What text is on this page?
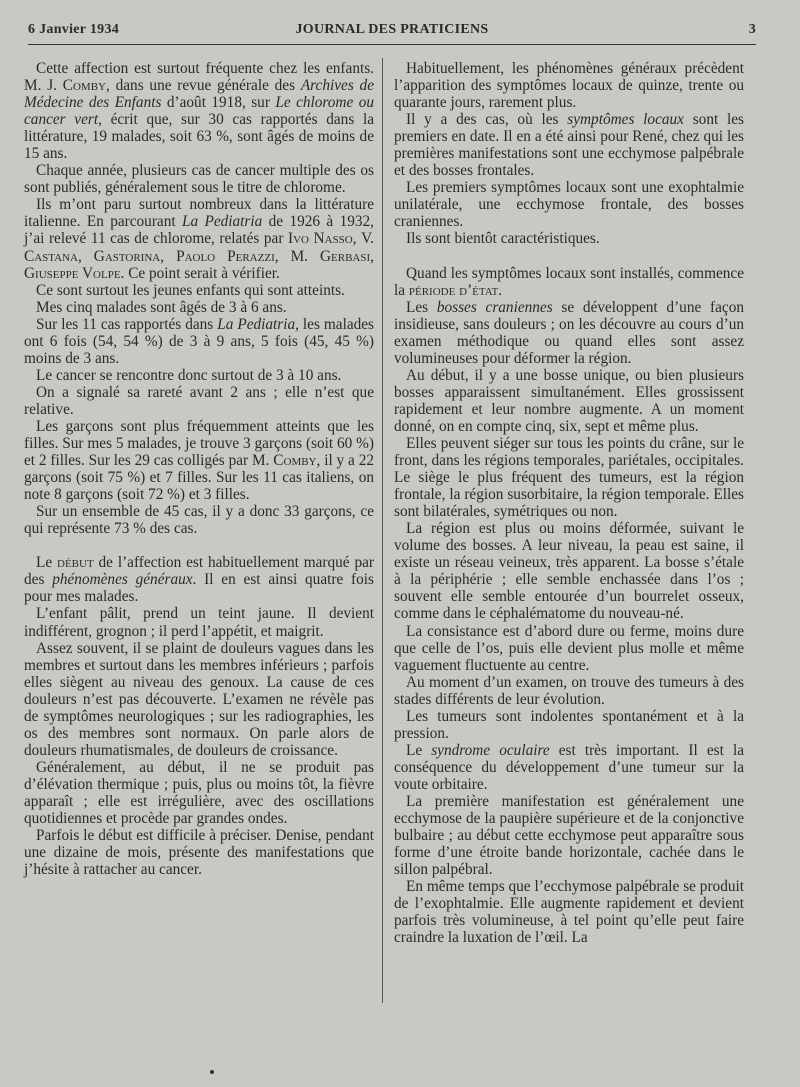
6 Janvier 1934	JOURNAL DES PRATICIENS	3

Cette affection est surtout fréquente chez les enfants. M. J. Comby, dans une revue générale des Archives de Médecine des Enfants d’août 1918, sur Le chlorome ou cancer vert, écrit que, sur 30 cas rapportés dans la littérature, 19 malades, soit 63 %, sont âgés de moins de 15 ans.

Chaque année, plusieurs cas de cancer multiple des os sont publiés, généralement sous le titre de chlorome.

Ils m’ont paru surtout nombreux dans la littérature italienne. En parcourant La Pediatria de 1926 à 1932, j’ai relevé 11 cas de chlorome, relatés par Ivo Nasso, V. Castana, Gastorina, Paolo Perazzi, M. Gerbasi, Giuseppe Volpe. Ce point serait à vérifier.

Ce sont surtout les jeunes enfants qui sont atteints.

Mes cinq malades sont âgés de 3 à 6 ans.

Sur les 11 cas rapportés dans La Pediatria, les malades ont 6 fois (54, 54 %) de 3 à 9 ans, 5 fois (45, 45 %) moins de 3 ans.

Le cancer se rencontre donc surtout de 3 à 10 ans.

On a signalé sa rareté avant 2 ans ; elle n’est que relative.

Les garçons sont plus fréquemment atteints que les filles. Sur mes 5 malades, je trouve 3 garçons (soit 60 %) et 2 filles. Sur les 29 cas colligés par M. Comby, il y a 22 garçons (soit 75 %) et 7 filles. Sur les 11 cas italiens, on note 8 garçons (soit 72 %) et 3 filles.

Sur un ensemble de 45 cas, il y a donc 33 garçons, ce qui représente 73 % des cas.

Le début de l’affection est habituellement marqué par des phénomènes généraux. Il en est ainsi quatre fois pour mes malades.

L’enfant pâlit, prend un teint jaune. Il devient indifférent, grognon ; il perd l’appétit, et maigrit.

Assez souvent, il se plaint de douleurs vagues dans les membres et surtout dans les membres inférieurs ; parfois elles siègent au niveau des genoux. La cause de ces douleurs n’est pas découverte. L’examen ne révèle pas de symptômes neurologiques ; sur les radiographies, les os des membres sont normaux. On parle alors de douleurs rhumatismales, de douleurs de croissance.

Généralement, au début, il ne se produit pas d’élévation thermique ; puis, plus ou moins tôt, la fièvre apparaît ; elle est irrégulière, avec des oscillations quotidiennes et procède par grandes ondes.

Parfois le début est difficile à préciser. Denise, pendant une dizaine de mois, présente des manifestations que j’hésite à rattacher au cancer.

Habituellement, les phénomènes généraux précèdent l’apparition des symptômes locaux de quinze, trente ou quarante jours, rarement plus.

Il y a des cas, où les symptômes locaux sont les premiers en date. Il en a été ainsi pour René, chez qui les premières manifestations sont une ecchymose palpébrale et des bosses frontales.

Les premiers symptômes locaux sont une exophtalmie unilatérale, une ecchymose frontale, des bosses craniennes.

Ils sont bientôt caractéristiques.

Quand les symptômes locaux sont installés, commence la période d’état.

Les bosses craniennes se développent d’une façon insidieuse, sans douleurs ; on les découvre au cours d’un examen méthodique ou quand elles sont assez volumineuses pour déformer la région.

Au début, il y a une bosse unique, ou bien plusieurs bosses apparaissent simultanément. Elles grossissent rapidement et leur nombre augmente. A un moment donné, on en compte cinq, six, sept et même plus.

Elles peuvent siéger sur tous les points du crâne, sur le front, dans les régions temporales, pariétales, occipitales. Le siège le plus fréquent des tumeurs, est la région frontale, la région susorbitaire, la région temporale. Elles sont bilatérales, symétriques ou non.

La région est plus ou moins déformée, suivant le volume des bosses. A leur niveau, la peau est saine, il existe un réseau veineux, très apparent. La bosse s’étale à la périphérie ; elle semble enchassée dans l’os ; souvent elle semble entourée d’un bourrelet osseux, comme dans le céphalématome du nouveau-né.

La consistance est d’abord dure ou ferme, moins dure que celle de l’os, puis elle devient plus molle et même vaguement fluctuente au centre.

Au moment d’un examen, on trouve des tumeurs à des stades différents de leur évolution.

Les tumeurs sont indolentes spontanément et à la pression.

Le syndrome oculaire est très important. Il est la conséquence du développement d’une tumeur sur la voute orbitaire.

La première manifestation est généralement une ecchymose de la paupière supérieure et de la conjonctive bulbaire ; au début cette ecchymose peut apparaître sous forme d’une étroite bande horizontale, cachée dans le sillon palpébral.

En même temps que l’ecchymose palpébrale se produit de l’exophtalmie. Elle augmente rapidement et devient parfois très volumineuse, à tel point qu’elle peut faire craindre la luxation de l’œil. La
